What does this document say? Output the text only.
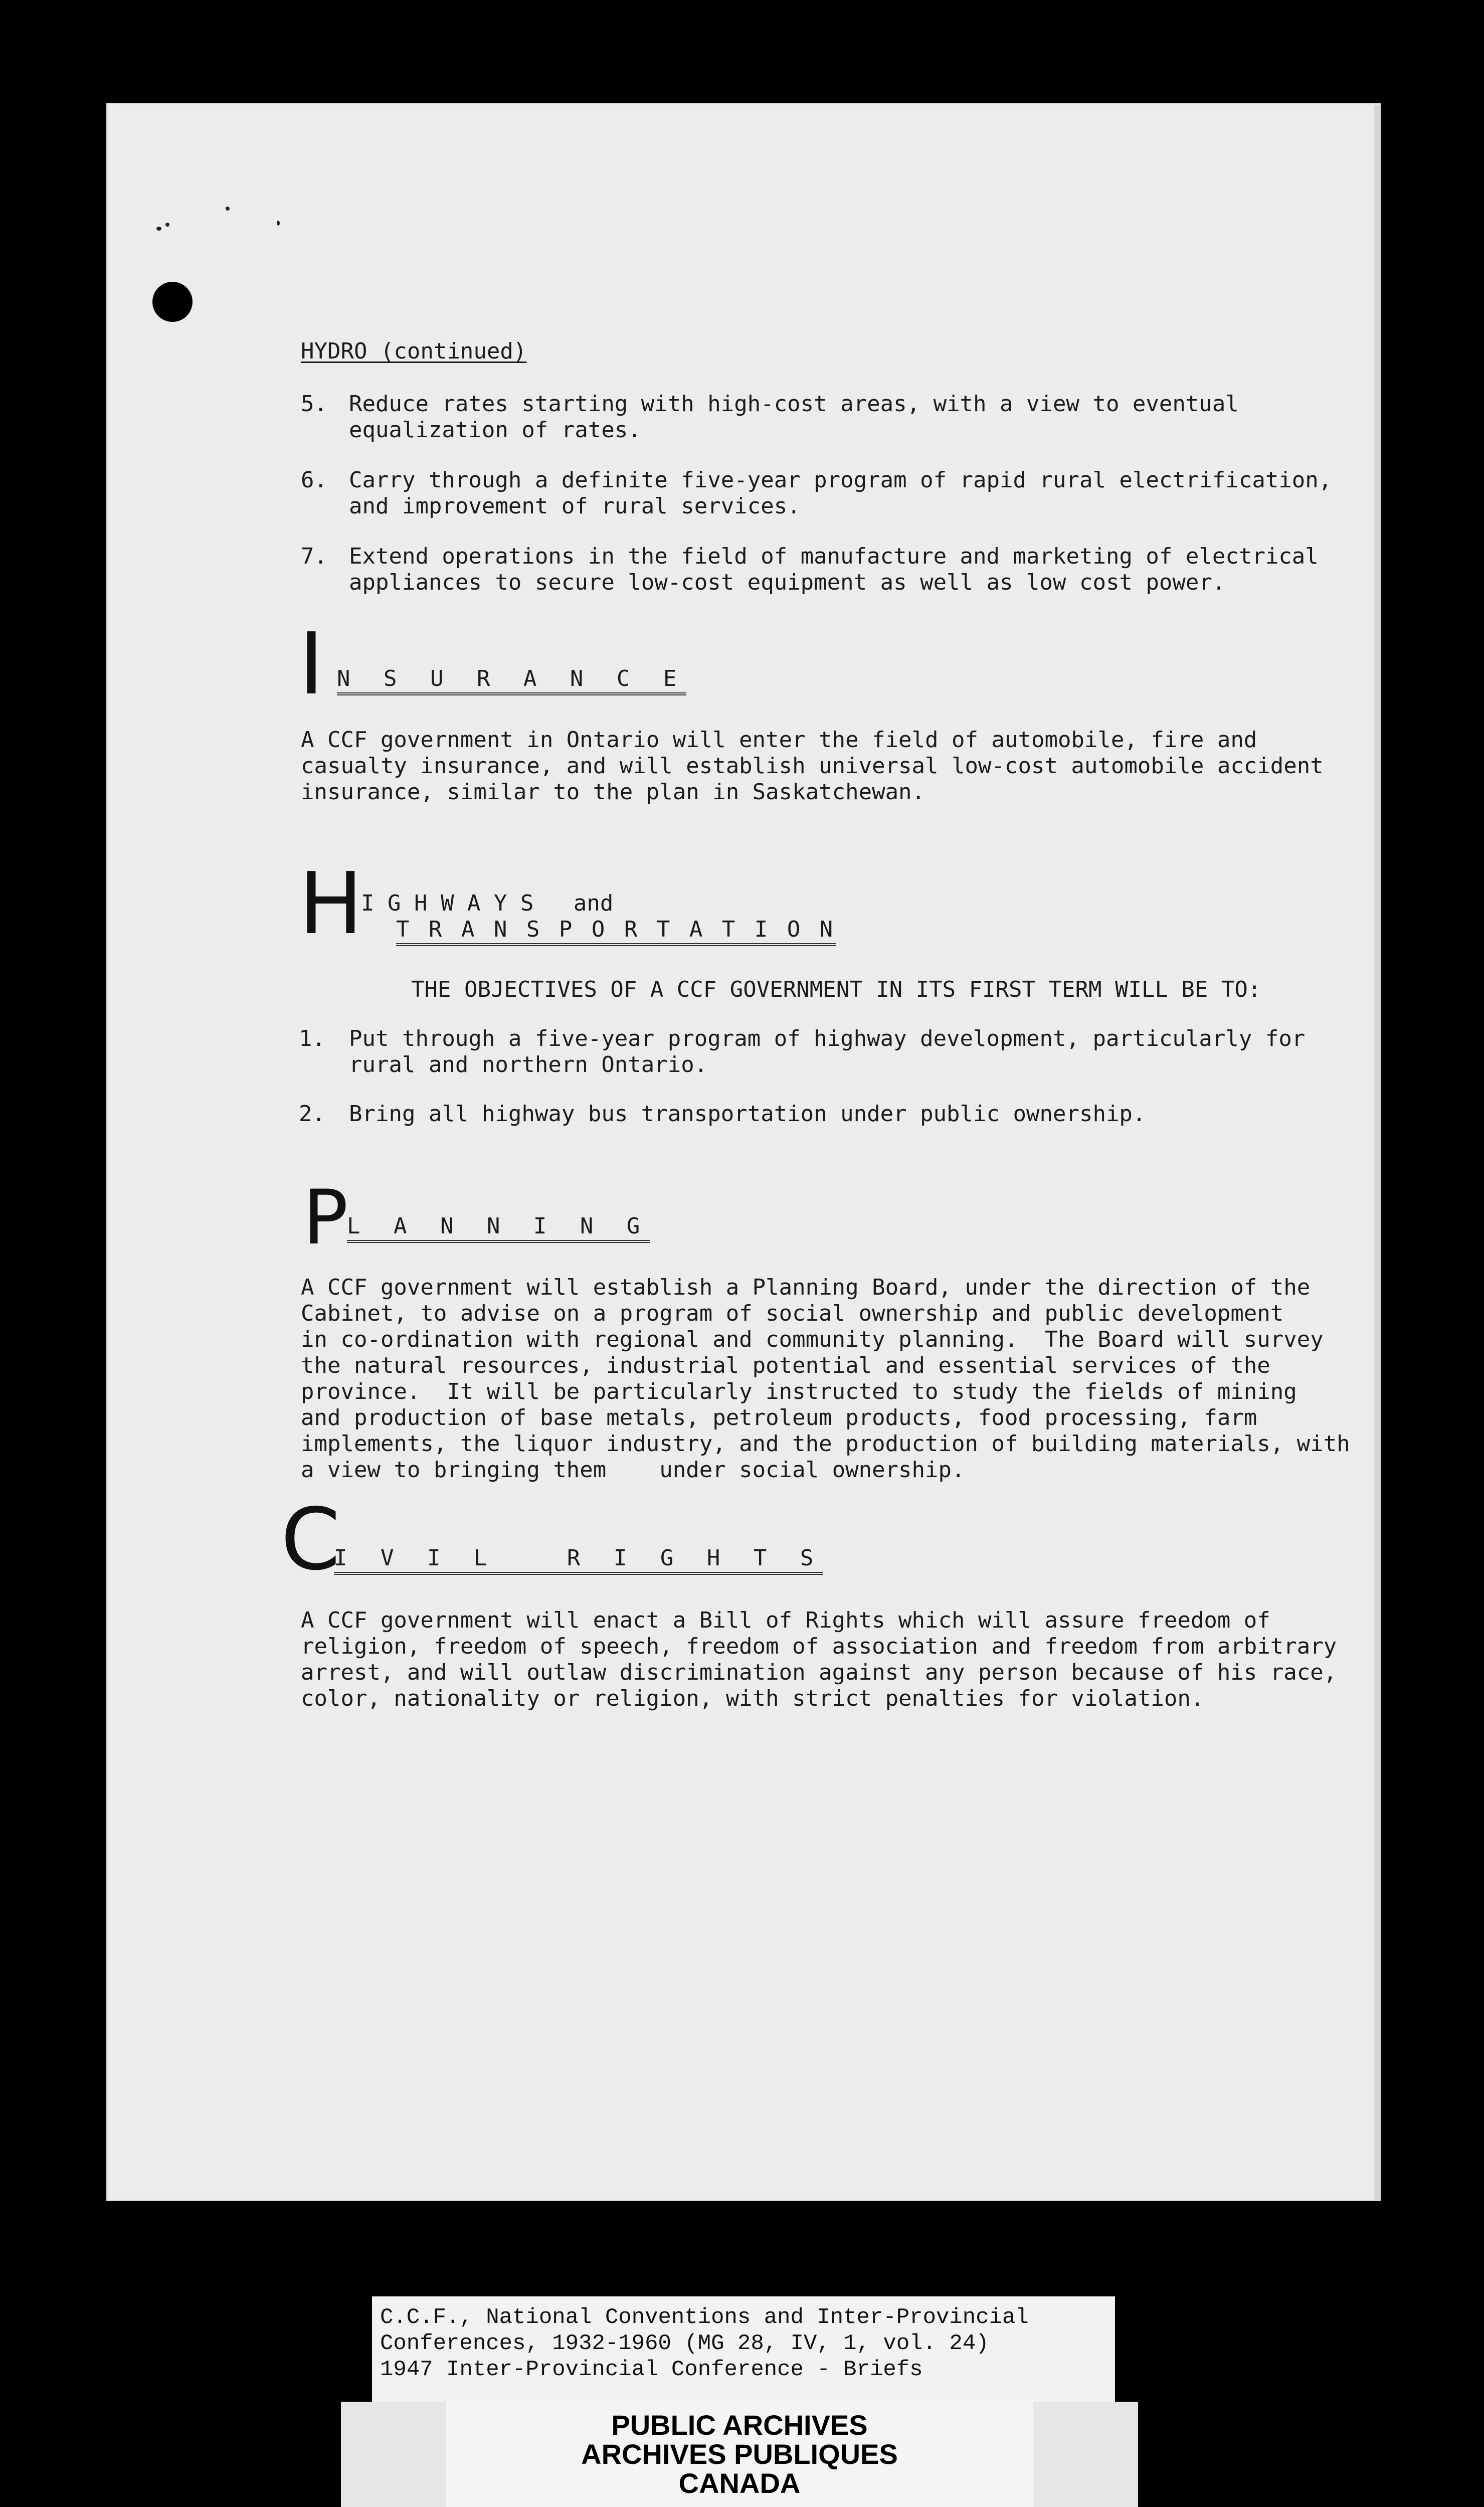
HYDRO (continued)
5. Reduce rates starting with high-cost areas, with a view to eventual
equalization of rates.
6. Carry through a definite five-year program of rapid rural electrification,
and improvement of rural services.
7. Extend operations in the field of manufacture and marketing of electrical
appliances to secure low-cost equipment as well as low cost power.
I N S U R A N C E
A CCF government in Ontario will enter the field of automobile, fire and
casualty insurance, and will establish universal low-cost automobile accident
insurance, similar to the plan in Saskatchewan.
H
I G H W A Y S   and
T R A N S P O R T A T I O N
THE OBJECTIVES OF A CCF GOVERNMENT IN ITS FIRST TERM WILL BE TO:
1. Put through a five-year program of highway development, particularly for
rural and northern Ontario.
2. Bring all highway bus transportation under public ownership.
P
L A N N I N G
A CCF government will establish a Planning Board, under the direction of the
Cabinet, to advise on a program of social ownership and public development
in co-ordination with regional and community planning.  The Board will survey
the natural resources, industrial potential and essential services of the
province.  It will be particularly instructed to study the fields of mining
and production of base metals, petroleum products, food processing, farm
implements, the liquor industry, and the production of building materials, with
a view to bringing them    under social ownership.
C
I V I L   R I G H T S
A CCF government will enact a Bill of Rights which will assure freedom of
religion, freedom of speech, freedom of association and freedom from arbitrary
arrest, and will outlaw discrimination against any person because of his race,
color, nationality or religion, with strict penalties for violation.
C.C.F., National Conventions and Inter-Provincial
Conferences, 1932-1960 (MG 28, IV, 1, vol. 24)
1947 Inter-Provincial Conference - Briefs
PUBLIC ARCHIVES
ARCHIVES PUBLIQUES
CANADA
